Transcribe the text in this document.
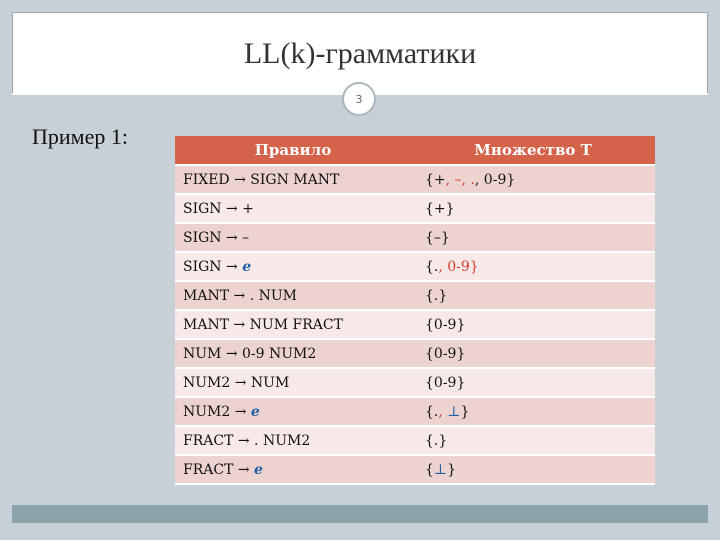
LL(k)-грамматики
3
Пример 1:
Правило	Множество T
FIXED → SIGN MANT	{+, –, ., 0-9}
SIGN → +	{+}
SIGN → –	{–}
SIGN → e	{., 0-9}
MANT → . NUM	{.}
MANT → NUM FRACT	{0-9}
NUM → 0-9 NUM2	{0-9}
NUM2 → NUM	{0-9}
NUM2 → e	{., ⊥}
FRACT → . NUM2	{.}
FRACT → e	{⊥}
